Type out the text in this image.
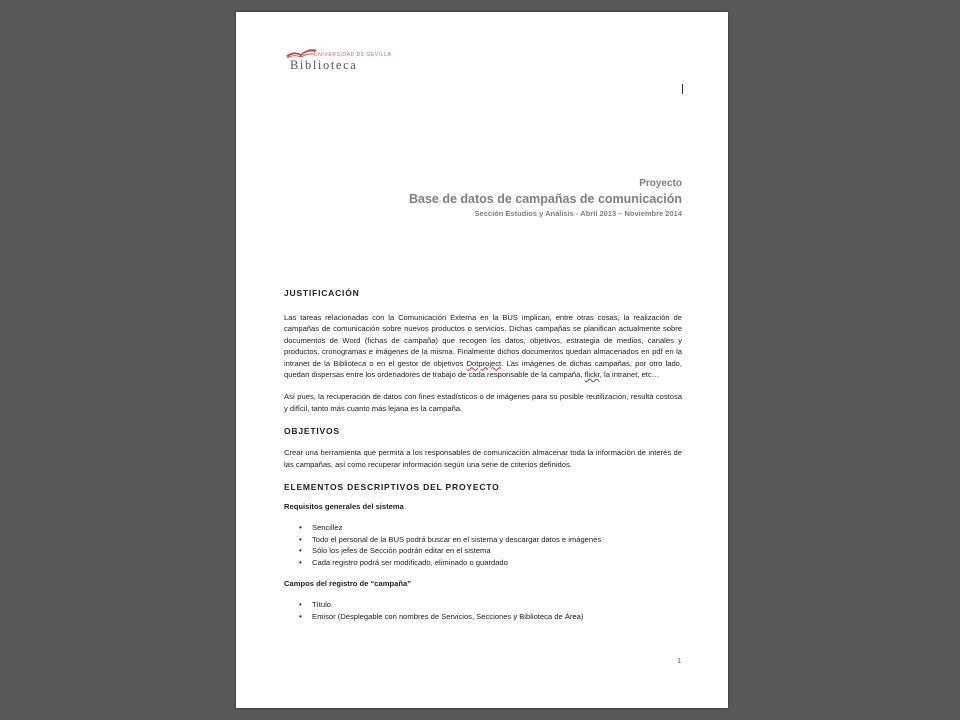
UNIVERSIDAD DE SEVILLA
Biblioteca
Proyecto
Base de datos de campañas de comunicación
Sección Estudios y Análisis - Abril 2013 – Noviembre 2014
JUSTIFICACIÓN

Las tareas relacionadas con la Comunicación Externa en la BUS implican, entre otras cosas, la realización de campañas de comunicación sobre nuevos productos o servicios. Dichas campañas se planifican actualmente sobre documentos de Word (fichas de campaña) que recogen los datos, objetivos, estrategia de medios, canales y productos, cronogramas e imágenes de la misma. Finalmente dichos documentos quedan almacenados en pdf en la intranet de la Biblioteca o en el gestor de objetivos Dotproject. Las imágenes de dichas campañas, por otro lado, quedan dispersas entre los ordenadores de trabajo de cada responsable de la campaña, flickr, la intranet, etc…

Así pues, la recuperación de datos con fines estadísticos o de imágenes para su posible reutilización, resulta costosa y difícil, tanto más cuanto más lejana es la campaña.

OBJETIVOS

Crear una herramienta que permita a los responsables de comunicación almacenar toda la información de interés de las campañas, así como recuperar información según una serie de criterios definidos.

ELEMENTOS DESCRIPTIVOS DEL PROYECTO
Requisitos generales del sistema
• Sencillez
• Todo el personal de la BUS podrá buscar en el sistema y descargar datos e imágenes
• Sólo los jefes de Sección podrán editar en el sistema
• Cada registro podrá ser modificado, eliminado o guardado
Campos del registro de “campaña”
• Título
• Emisor (Desplegable con nombres de Servicios, Secciones y Biblioteca de Área)
1
